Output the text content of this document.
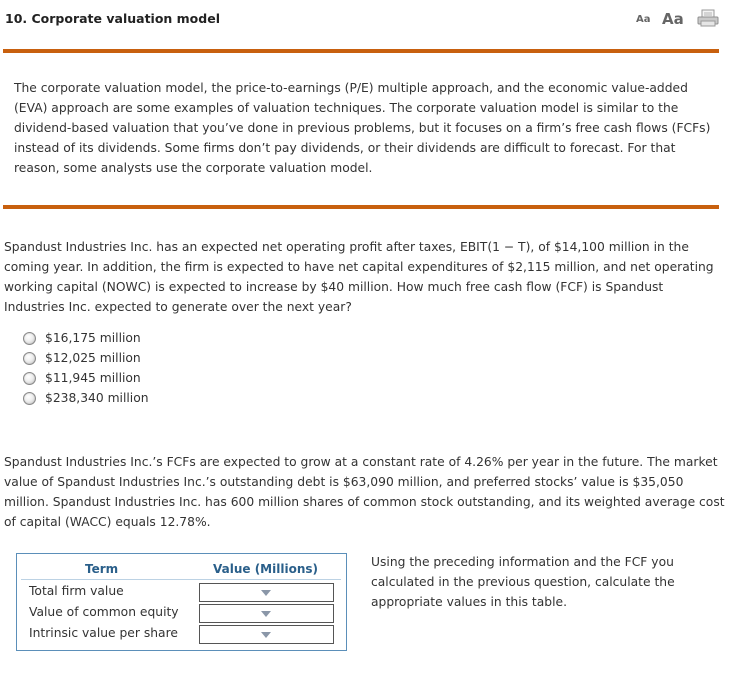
10. Corporate valuation model	Aa Aa
The corporate valuation model, the price-to-earnings (P/E) multiple approach, and the economic value-added (EVA) approach are some examples of valuation techniques. The corporate valuation model is similar to the dividend-based valuation that you’ve done in previous problems, but it focuses on a firm’s free cash flows (FCFs) instead of its dividends. Some firms don’t pay dividends, or their dividends are difficult to forecast. For that reason, some analysts use the corporate valuation model.
Spandust Industries Inc. has an expected net operating profit after taxes, EBIT(1 − T), of $14,100 million in the coming year. In addition, the firm is expected to have net capital expenditures of $2,115 million, and net operating working capital (NOWC) is expected to increase by $40 million. How much free cash flow (FCF) is Spandust Industries Inc. expected to generate over the next year?
$16,175 million
$12,025 million
$11,945 million
$238,340 million
Spandust Industries Inc.’s FCFs are expected to grow at a constant rate of 4.26% per year in the future. The market value of Spandust Industries Inc.’s outstanding debt is $63,090 million, and preferred stocks’ value is $35,050 million. Spandust Industries Inc. has 600 million shares of common stock outstanding, and its weighted average cost of capital (WACC) equals 12.78%.
Term	Value (Millions)
Total firm value
Value of common equity
Intrinsic value per share
Using the preceding information and the FCF you calculated in the previous question, calculate the appropriate values in this table.
